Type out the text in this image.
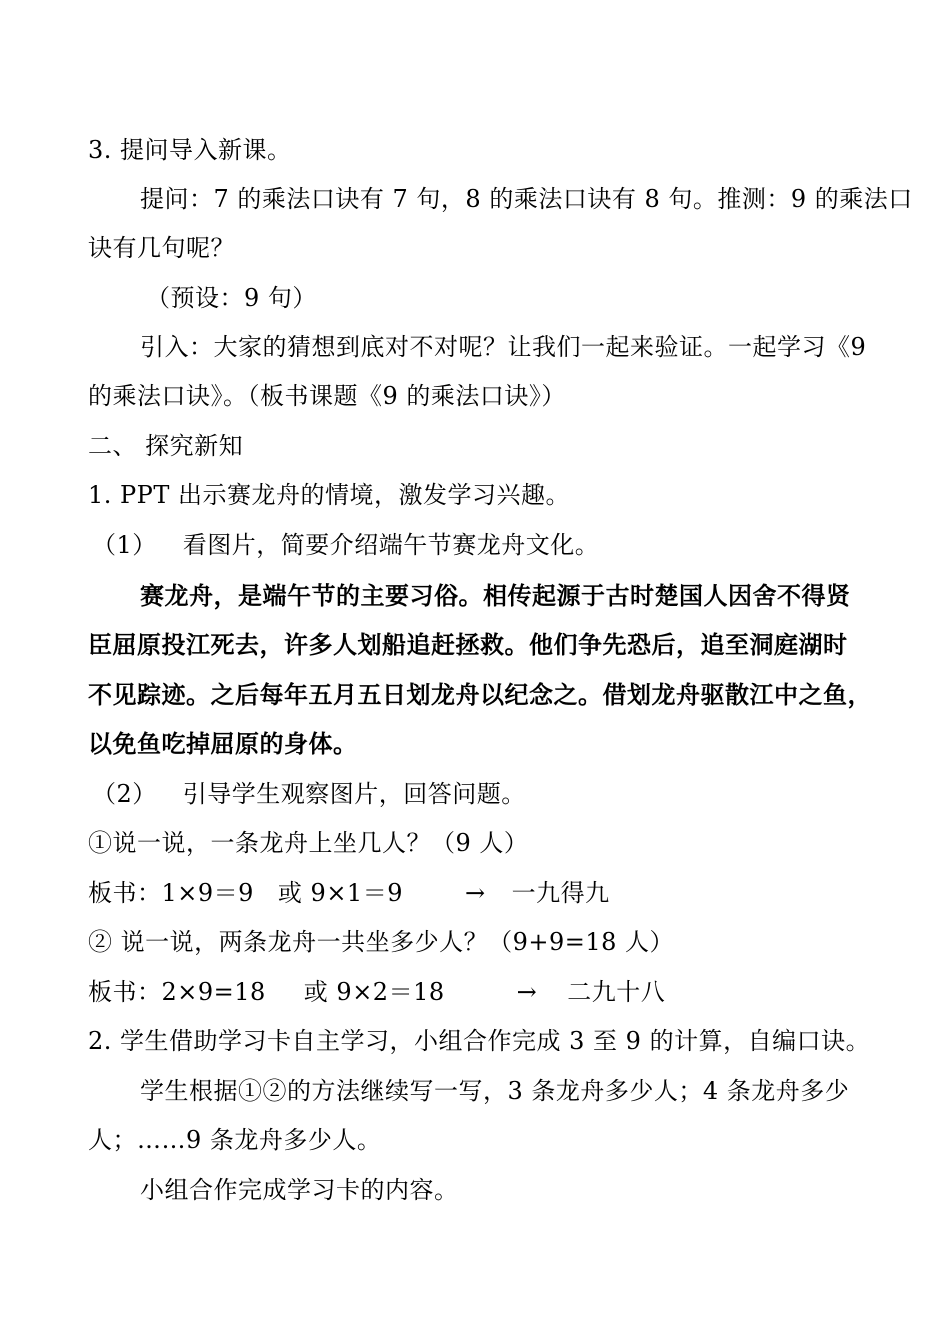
3. 提问导入新课。
提问：7 的乘法口诀有 7 句，8 的乘法口诀有 8 句。推测：9 的乘法口
诀有几句呢？
（预设：9 句）
引入：大家的猜想到底对不对呢？让我们一起来验证。一起学习《9
的乘法口诀》。（板书课题《9 的乘法口诀》）
二、 探究新知
1. PPT 出示赛龙舟的情境，激发学习兴趣。
（1） 看图片，简要介绍端午节赛龙舟文化。
赛龙舟，是端午节的主要习俗。相传起源于古时楚国人因舍不得贤
臣屈原投江死去，许多人划船追赶拯救。他们争先恐后，追至洞庭湖时
不见踪迹。之后每年五月五日划龙舟以纪念之。借划龙舟驱散江中之鱼，
以免鱼吃掉屈原的身体。
（2） 引导学生观察图片，回答问题。
①说一说，一条龙舟上坐几人？（9 人）
板书：1×9＝9 或 9×1＝9	→ 一九得九
② 说一说，两条龙舟一共坐多少人？（9+9=18 人）
板书：2×9=18 或 9×2＝18	→ 二九十八
2. 学生借助学习卡自主学习，小组合作完成 3 至 9 的计算，自编口诀。
学生根据①②的方法继续写一写，3 条龙舟多少人；4 条龙舟多少
人；……9 条龙舟多少人。
小组合作完成学习卡的内容。
